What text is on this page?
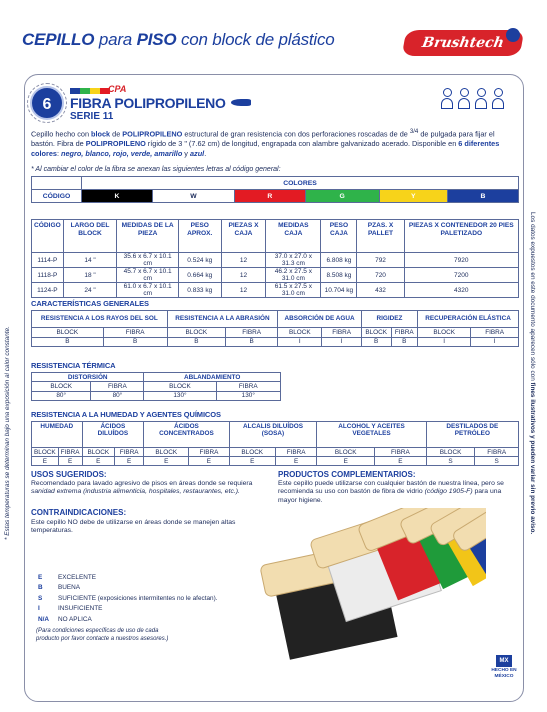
CEPILLO para PISO con block de plástico	Brushtech
6
CPA
FIBRA POLIPROPILENO
SERIE 11
Cepillo hecho con block de POLIPROPILENO estructural de gran resistencia con dos perforaciones roscadas de de $^{3/4}$ de pulgada para fijar el bastón. Fibra de POLIPROPILENO rígido de 3 " (7.62 cm) de longitud, engrapada con alambre galvanizado acerado. Disponible en 6 diferentes colores: negro, blanco, rojo, verde, amarillo y azul.
* Al cambiar el color de la fibra se anexan las siguientes letras al código general:
	COLORES					
CÓDIGO	K	W	R	G	Y	B
CÓDIGO	LARGO DEL BLOCK	MEDIDAS DE LA PIEZA	PESO APROX.	PIEZAS X CAJA	MEDIDAS CAJA	PESO CAJA	PZAS. X PALLET	PIEZAS X CONTENEDOR 20 PIES PALETIZADO
1114-P	14 "	35.6 x 6.7 x 10.1 cm	0.524 kg	12	37.0 x 27.0 x 31.3 cm	6.808 kg	792	7920
1118-P	18 "	45.7 x 6.7 x 10.1 cm	0.664 kg	12	46.2 x 27.5 x 31.0 cm	8.508 kg	720	7200
1124-P	24 "	61.0 x 6.7 x 10.1 cm	0.833 kg	12	61.5 x 27.5 x 31.0 cm	10.704 kg	432	4320
CARACTERÍSTICAS GENERALES
RESISTENCIA A LOS RAYOS DEL SOL		RESISTENCIA A LA ABRASIÓN		ABSORCIÓN DE AGUA		RIGIDEZ		RECUPERACIÓN ELÁSTICA	
BLOCK	FIBRA	BLOCK	FIBRA	BLOCK	FIBRA	BLOCK	FIBRA	BLOCK	FIBRA
B	B	B	B	I	I	B	B	I	I
RESISTENCIA TÉRMICA
DISTORSIÓN		ABLANDAMIENTO	
BLOCK	FIBRA	BLOCK	FIBRA
80°	80°	130°	130°
RESISTENCIA A LA HUMEDAD Y AGENTES QUÍMICOS
HUMEDAD		ÁCIDOS DILUÍDOS		ÁCIDOS CONCENTRADOS		ALCALIS DILUÍDOS (SOSA)		ALCOHOL Y ACEITES VEGETALES		DESTILADOS DE PETRÓLEO	
BLOCK	FIBRA	BLOCK	FIBRA	BLOCK	FIBRA	BLOCK	FIBRA	BLOCK	FIBRA	BLOCK	FIBRA
E	E	E	E	E	E	E	E	E	E	S	S
USOS SUGERIDOS:
Recomendado para lavado agresivo de pisos en áreas donde se requiera sanidad extrema (industria alimenticia, hospitales, restaurantes, etc.).
CONTRAINDICACIONES:
Este cepillo NO debe de utilizarse en áreas donde se manejen altas temperaturas.
PRODUCTOS COMPLEMENTARIOS:
Este cepillo puede utilizarse con cualquier bastón de nuestra línea, pero se recomienda su uso con bastón de fibra de vidrio (código 1905-F) para una mayor higiene.
E	EXCELENTE
B	BUENA
S	SUFICIENTE (exposiciones intermitentes no le afectan).
I	INSUFICIENTE
N/A	NO APLICA
(Para condiciones específicas de uso de cada producto por favor contacte a nuestros asesores.)
* Estas temperaturas se determinan bajo una exposición al calor constante.
Los datos expuestos en este documento aparecen sólo con fines ilustrativos y pueden variar sin previo aviso.
MX
HECHO EN
MÉXICO
